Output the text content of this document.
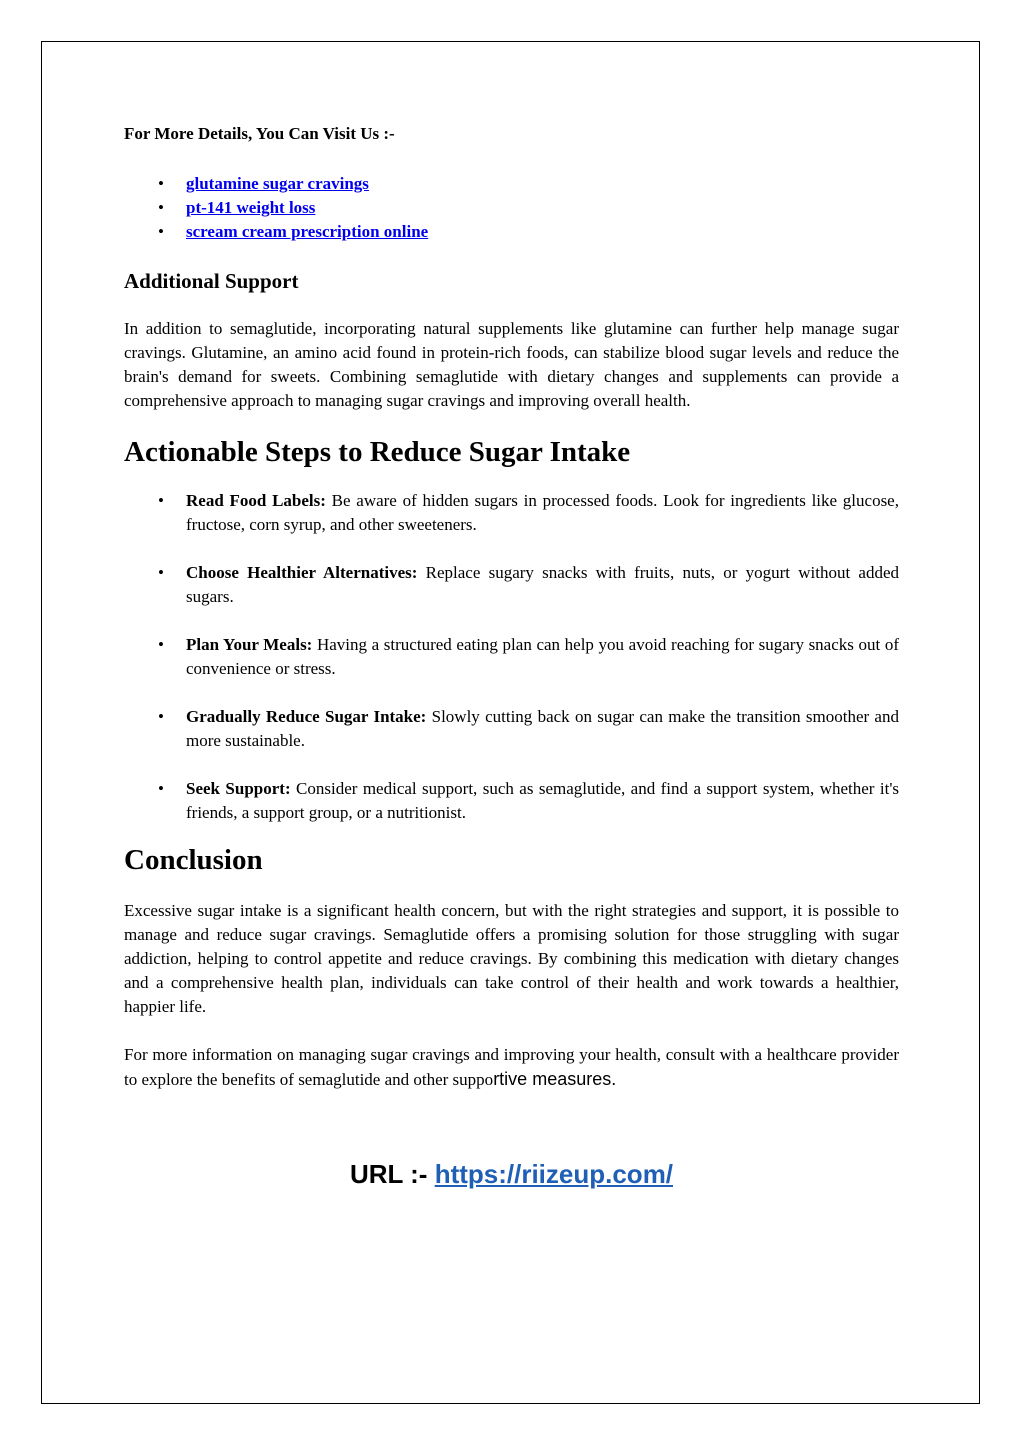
For More Details, You Can Visit Us :-

• glutamine sugar cravings
• pt-141 weight loss
• scream cream prescription online
Additional Support

In addition to semaglutide, incorporating natural supplements like glutamine can further help manage sugar cravings. Glutamine, an amino acid found in protein-rich foods, can stabilize blood sugar levels and reduce the brain's demand for sweets. Combining semaglutide with dietary changes and supplements can provide a comprehensive approach to managing sugar cravings and improving overall health.

Actionable Steps to Reduce Sugar Intake
• Read Food Labels: Be aware of hidden sugars in processed foods. Look for ingredients like glucose, fructose, corn syrup, and other sweeteners.
• Choose Healthier Alternatives: Replace sugary snacks with fruits, nuts, or yogurt without added sugars.
• Plan Your Meals: Having a structured eating plan can help you avoid reaching for sugary snacks out of convenience or stress.
• Gradually Reduce Sugar Intake: Slowly cutting back on sugar can make the transition smoother and more sustainable.
• Seek Support: Consider medical support, such as semaglutide, and find a support system, whether it's friends, a support group, or a nutritionist.
Conclusion

Excessive sugar intake is a significant health concern, but with the right strategies and support, it is possible to manage and reduce sugar cravings. Semaglutide offers a promising solution for those struggling with sugar addiction, helping to control appetite and reduce cravings. By combining this medication with dietary changes and a comprehensive health plan, individuals can take control of their health and work towards a healthier, happier life.

For more information on managing sugar cravings and improving your health, consult with a healthcare provider to explore the benefits of semaglutide and other supportive measures.

URL :- https://riizeup.com/
